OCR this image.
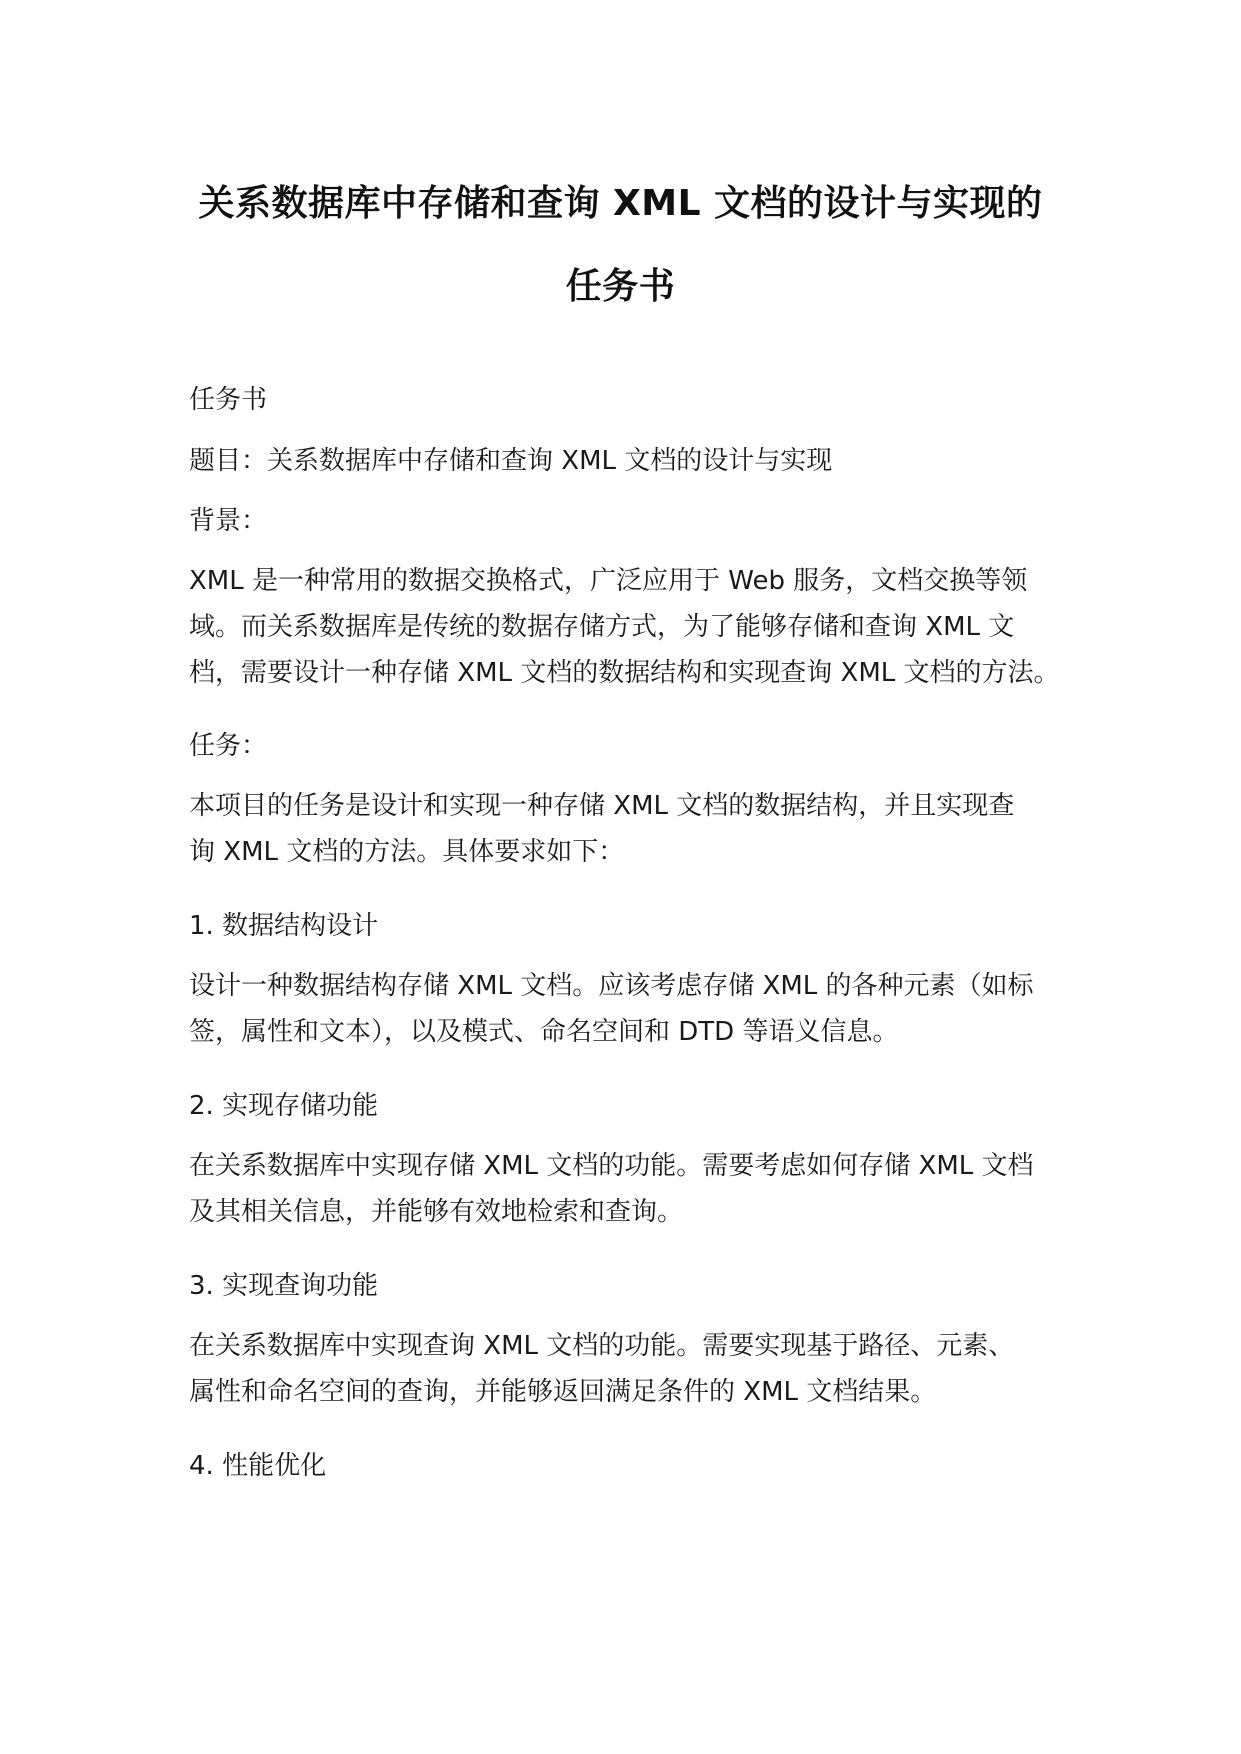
关系数据库中存储和查询 XML 文档的设计与实现的
任务书

任务书

题目：关系数据库中存储和查询 XML 文档的设计与实现

背景：

XML 是一种常用的数据交换格式，广泛应用于 Web 服务，文档交换等领
域。而关系数据库是传统的数据存储方式，为了能够存储和查询 XML 文
档，需要设计一种存储 XML 文档的数据结构和实现查询 XML 文档的方法。

任务：

本项目的任务是设计和实现一种存储 XML 文档的数据结构，并且实现查
询 XML 文档的方法。具体要求如下：

1. 数据结构设计

设计一种数据结构存储 XML 文档。应该考虑存储 XML 的各种元素（如标
签，属性和文本），以及模式、命名空间和 DTD 等语义信息。

2. 实现存储功能

在关系数据库中实现存储 XML 文档的功能。需要考虑如何存储 XML 文档
及其相关信息，并能够有效地检索和查询。

3. 实现查询功能

在关系数据库中实现查询 XML 文档的功能。需要实现基于路径、元素、
属性和命名空间的查询，并能够返回满足条件的 XML 文档结果。

4. 性能优化
